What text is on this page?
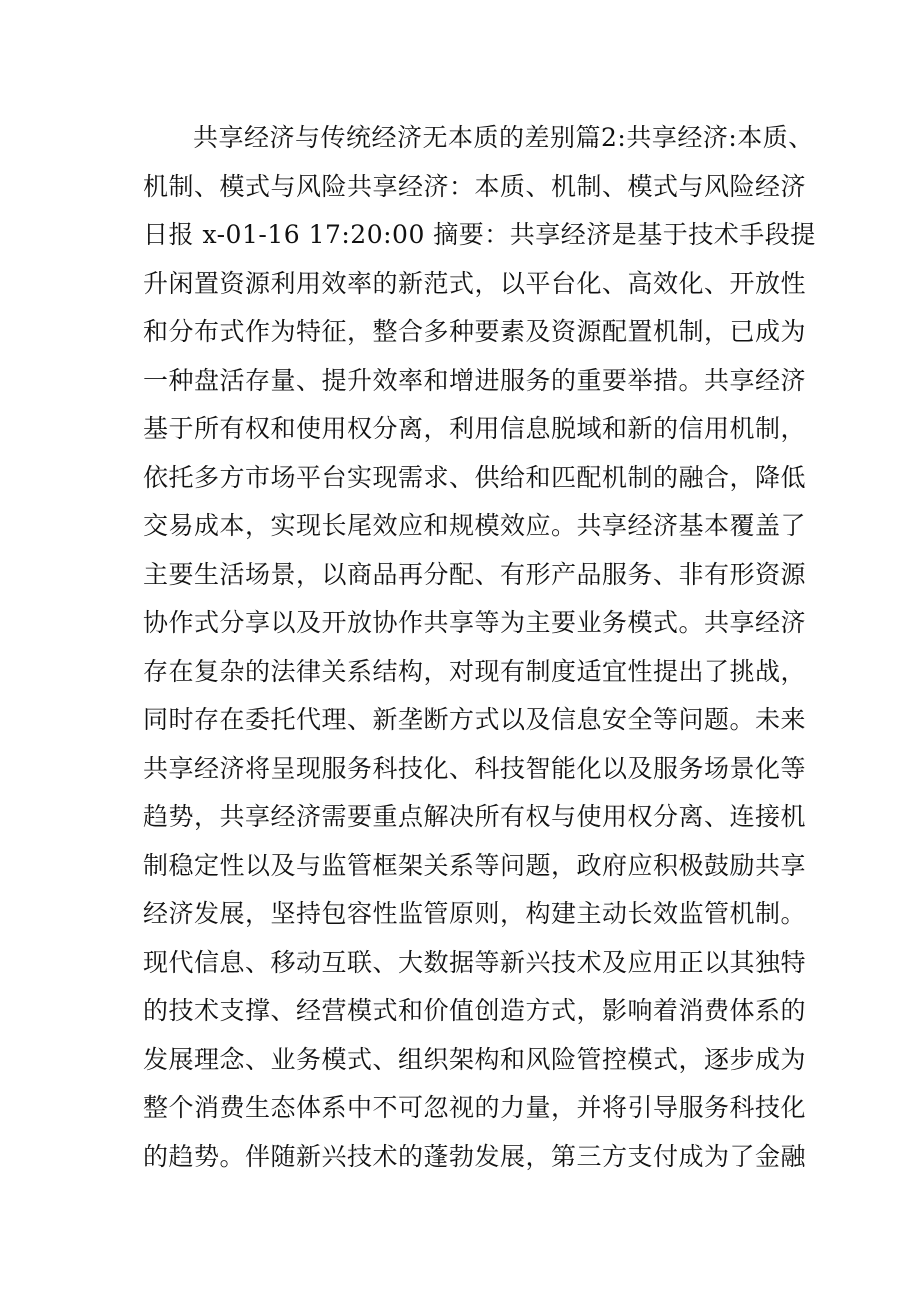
共享经济与传统经济无本质的差别篇2:共享经济:本质、
机制、模式与风险共享经济：本质、机制、模式与风险经济
日报 x-01-16 17:20:00 摘要：共享经济是基于技术手段提
升闲置资源利用效率的新范式，以平台化、高效化、开放性
和分布式作为特征，整合多种要素及资源配置机制，已成为
一种盘活存量、提升效率和增进服务的重要举措。共享经济
基于所有权和使用权分离，利用信息脱域和新的信用机制，
依托多方市场平台实现需求、供给和匹配机制的融合，降低
交易成本，实现长尾效应和规模效应。共享经济基本覆盖了
主要生活场景，以商品再分配、有形产品服务、非有形资源
协作式分享以及开放协作共享等为主要业务模式。共享经济
存在复杂的法律关系结构，对现有制度适宜性提出了挑战，
同时存在委托代理、新垄断方式以及信息安全等问题。未来
共享经济将呈现服务科技化、科技智能化以及服务场景化等
趋势，共享经济需要重点解决所有权与使用权分离、连接机
制稳定性以及与监管框架关系等问题，政府应积极鼓励共享
经济发展，坚持包容性监管原则，构建主动长效监管机制。
现代信息、移动互联、大数据等新兴技术及应用正以其独特
的技术支撑、经营模式和价值创造方式，影响着消费体系的
发展理念、业务模式、组织架构和风险管控模式，逐步成为
整个消费生态体系中不可忽视的力量，并将引导服务科技化
的趋势。伴随新兴技术的蓬勃发展，第三方支付成为了金融
